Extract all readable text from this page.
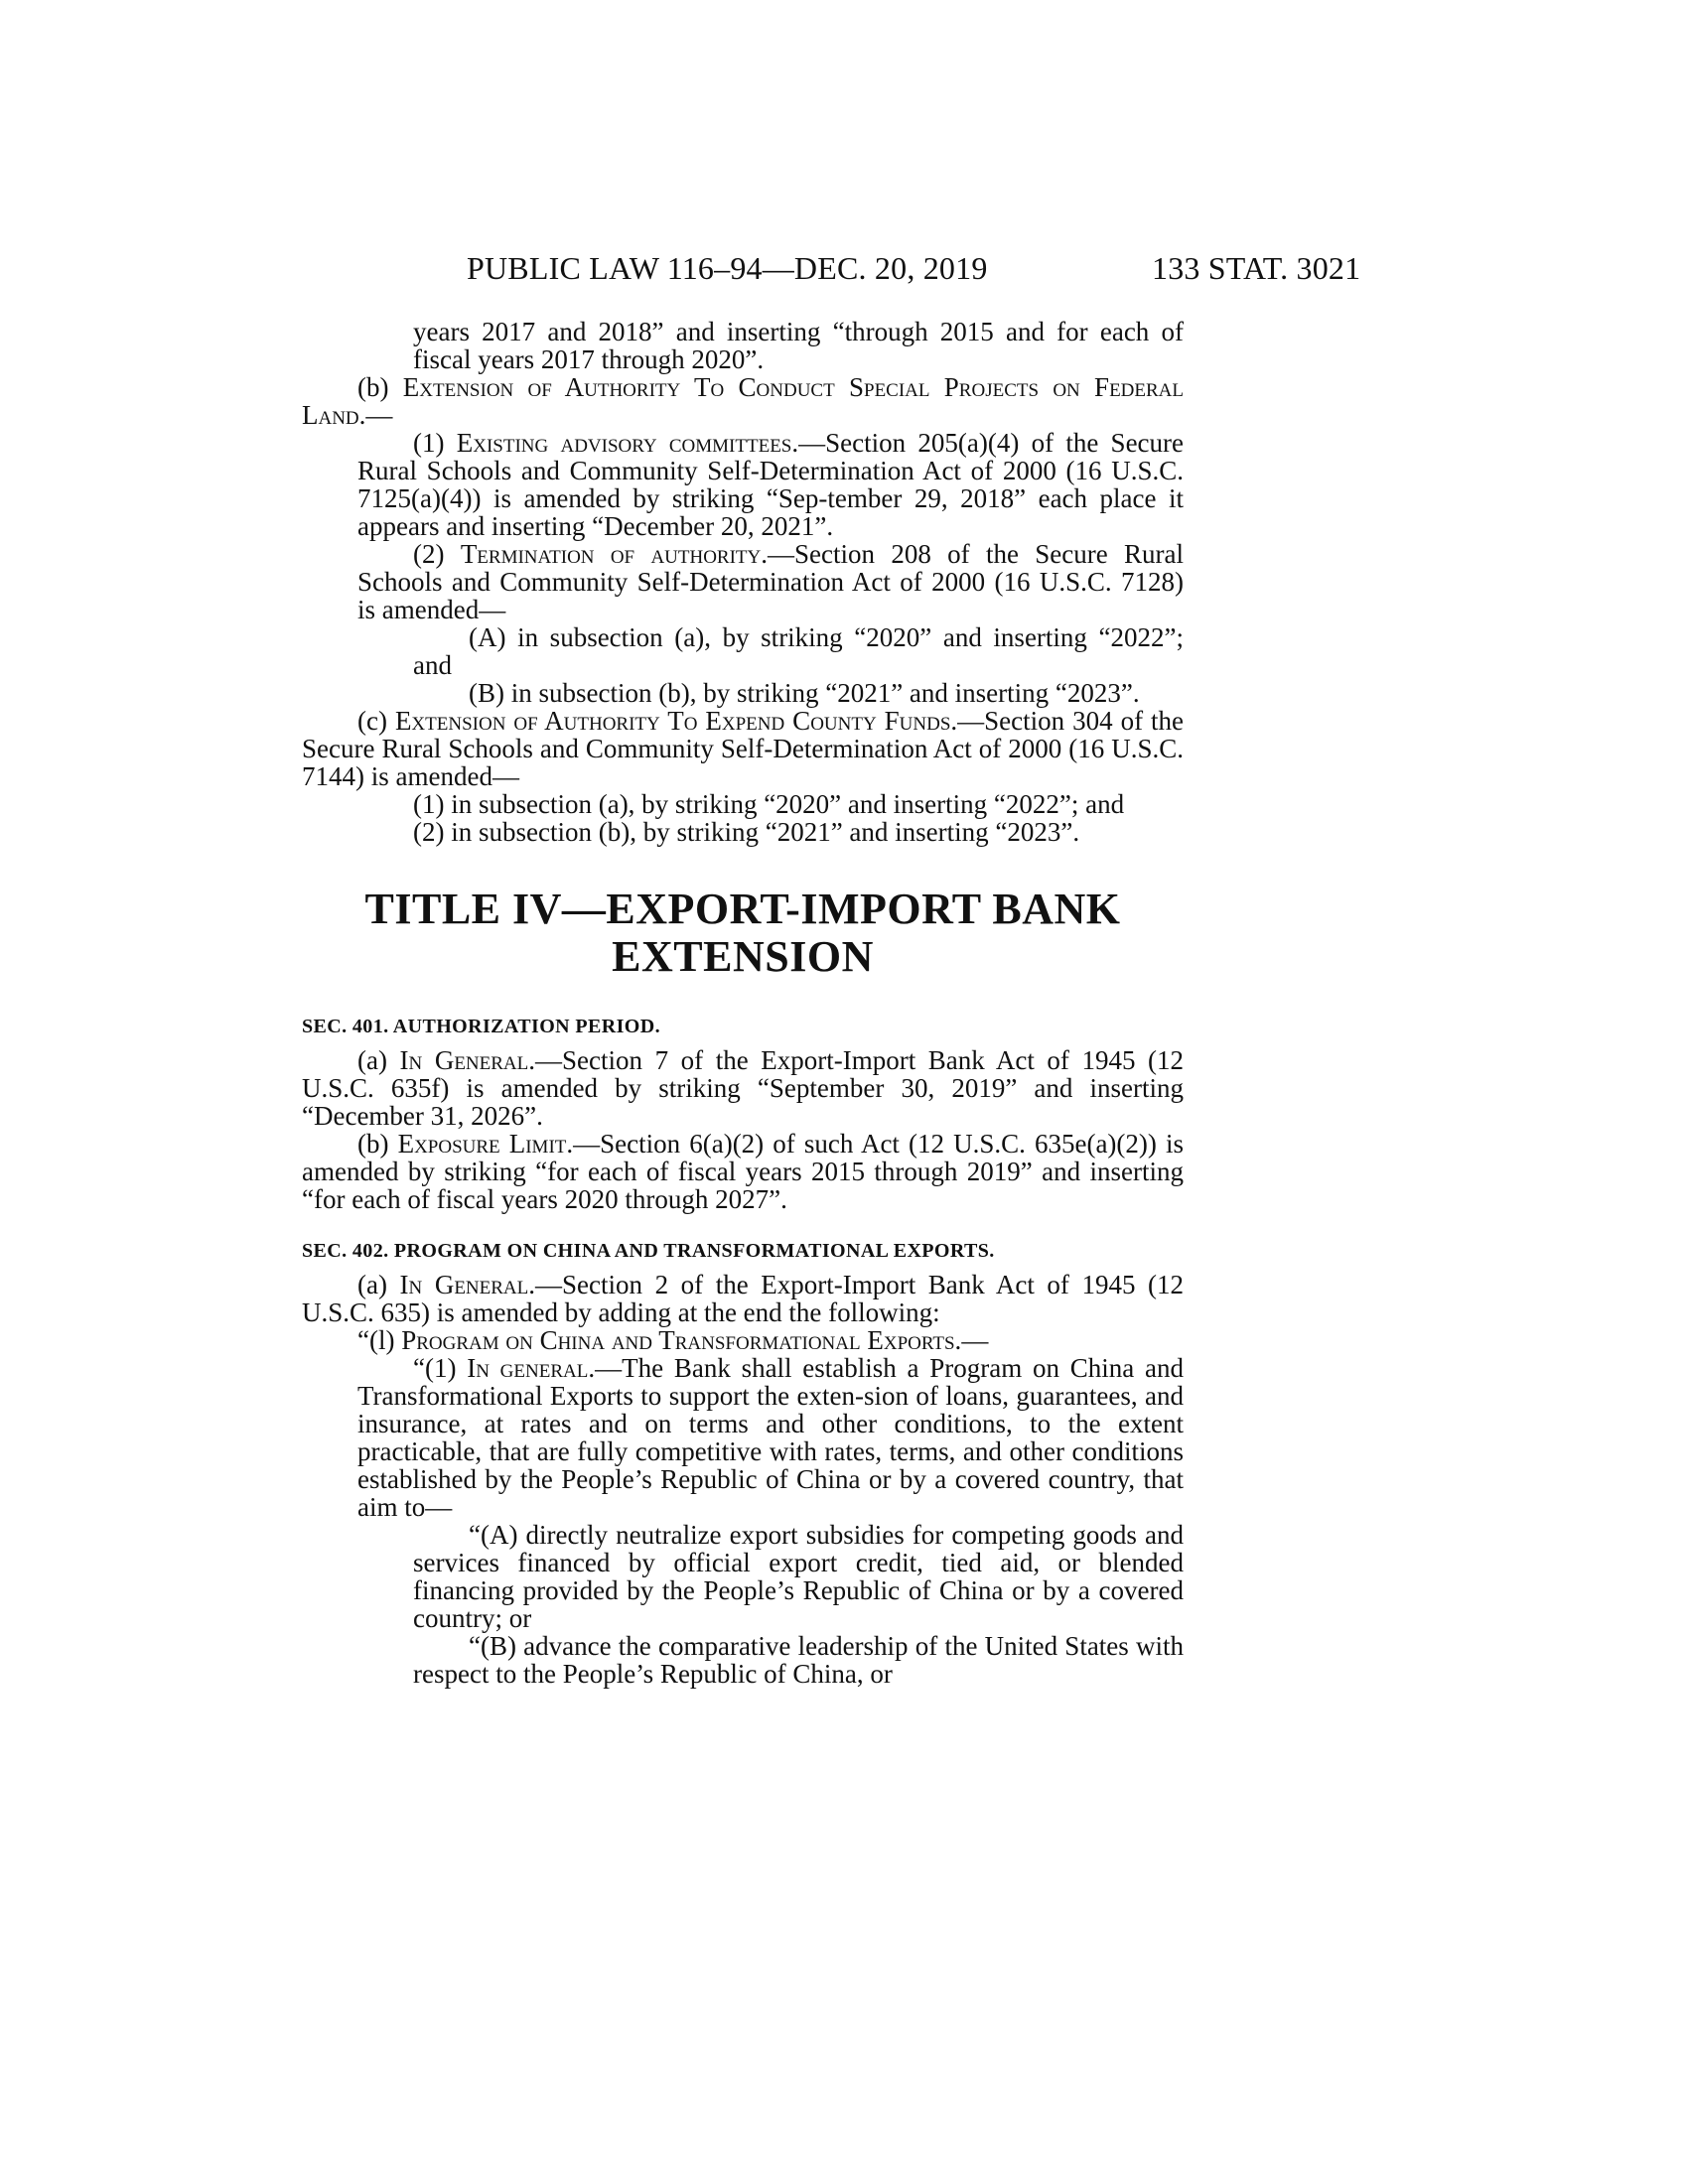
PUBLIC LAW 116–94—DEC. 20, 2019	133 STAT. 3021

years 2017 and 2018” and inserting “through 2015 and for each of fiscal years 2017 through 2020”.

(b) Extension of Authority To Conduct Special Projects on Federal Land.—

(1) Existing advisory committees.—Section 205(a)(4) of the Secure Rural Schools and Community Self-Determination Act of 2000 (16 U.S.C. 7125(a)(4)) is amended by striking “Sep-tember 29, 2018” each place it appears and inserting “December 20, 2021”.

(2) Termination of authority.—Section 208 of the Secure Rural Schools and Community Self-Determination Act of 2000 (16 U.S.C. 7128) is amended—

(A) in subsection (a), by striking “2020” and inserting “2022”; and

(B) in subsection (b), by striking “2021” and inserting “2023”.

(c) Extension of Authority To Expend County Funds.—Section 304 of the Secure Rural Schools and Community Self-Determination Act of 2000 (16 U.S.C. 7144) is amended—

(1) in subsection (a), by striking “2020” and inserting “2022”; and

(2) in subsection (b), by striking “2021” and inserting “2023”.

TITLE IV—EXPORT-IMPORT BANK
EXTENSION
SEC. 401. AUTHORIZATION PERIOD.

(a) In General.—Section 7 of the Export-Import Bank Act of 1945 (12 U.S.C. 635f) is amended by striking “September 30, 2019” and inserting “December 31, 2026”.

(b) Exposure Limit.—Section 6(a)(2) of such Act (12 U.S.C. 635e(a)(2)) is amended by striking “for each of fiscal years 2015 through 2019” and inserting “for each of fiscal years 2020 through 2027”.

SEC. 402. PROGRAM ON CHINA AND TRANSFORMATIONAL EXPORTS.

(a) In General.—Section 2 of the Export-Import Bank Act of 1945 (12 U.S.C. 635) is amended by adding at the end the following:

“(l) Program on China and Transformational Exports.—

“(1) In general.—The Bank shall establish a Program on China and Transformational Exports to support the exten-sion of loans, guarantees, and insurance, at rates and on terms and other conditions, to the extent practicable, that are fully competitive with rates, terms, and other conditions established by the People’s Republic of China or by a covered country, that aim to—

“(A) directly neutralize export subsidies for competing goods and services financed by official export credit, tied aid, or blended financing provided by the People’s Republic of China or by a covered country; or

“(B) advance the comparative leadership of the United States with respect to the People’s Republic of China, or
